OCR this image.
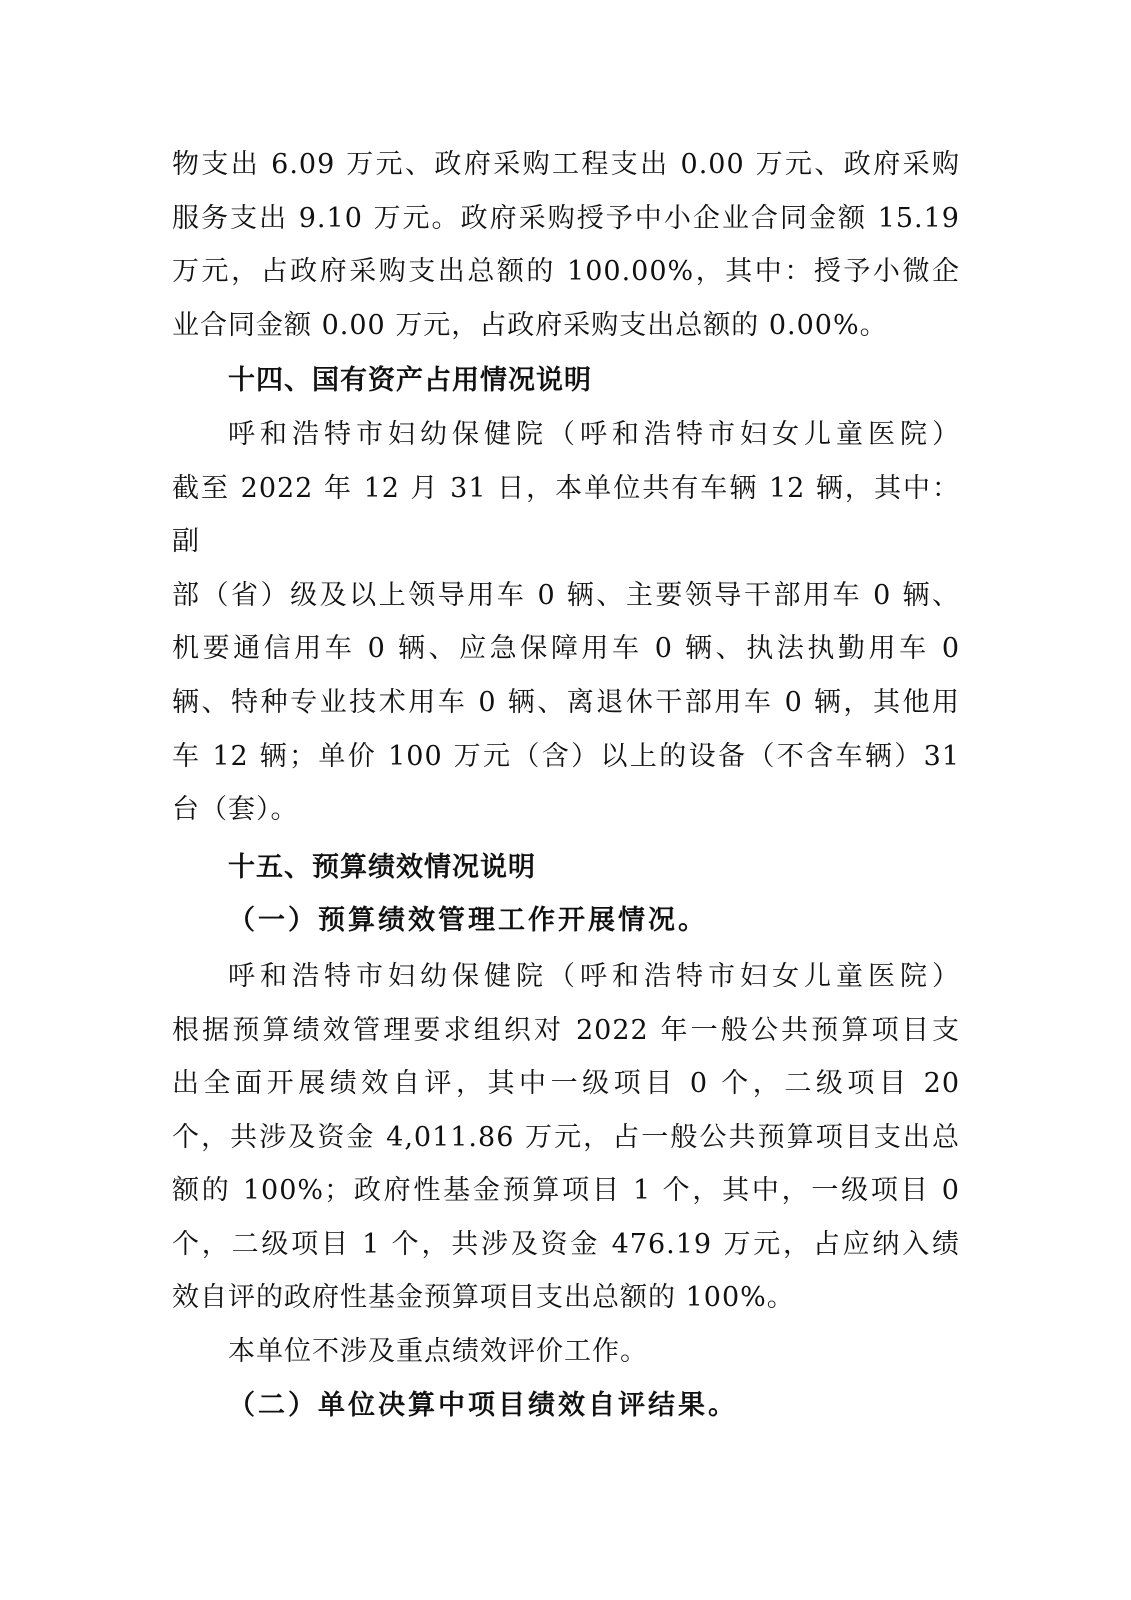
物支出 6.09 万元、政府采购工程支出 0.00 万元、政府采购

服务支出 9.10 万元。政府采购授予中小企业合同金额 15.19

万元，占政府采购支出总额的 100.00%，其中：授予小微企

业合同金额 0.00 万元，占政府采购支出总额的 0.00%。

十四、国有资产占用情况说明

呼和浩特市妇幼保健院（呼和浩特市妇女儿童医院）

截至 2022 年 12 月 31 日，本单位共有车辆 12 辆，其中：副

部（省）级及以上领导用车 0 辆、主要领导干部用车 0 辆、

机要通信用车 0 辆、应急保障用车 0 辆、执法执勤用车 0

辆、特种专业技术用车 0 辆、离退休干部用车 0 辆，其他用

车 12 辆；单价 100 万元（含）以上的设备（不含车辆）31

台（套）。

十五、预算绩效情况说明
（一）预算绩效管理工作开展情况。

呼和浩特市妇幼保健院（呼和浩特市妇女儿童医院）

根据预算绩效管理要求组织对 2022 年一般公共预算项目支

出全面开展绩效自评，其中一级项目 0 个，二级项目 20

个，共涉及资金 4,011.86 万元，占一般公共预算项目支出总

额的 100%；政府性基金预算项目 1 个，其中，一级项目 0

个，二级项目 1 个，共涉及资金 476.19 万元，占应纳入绩

效自评的政府性基金预算项目支出总额的 100%。

本单位不涉及重点绩效评价工作。

（二）单位决算中项目绩效自评结果。
